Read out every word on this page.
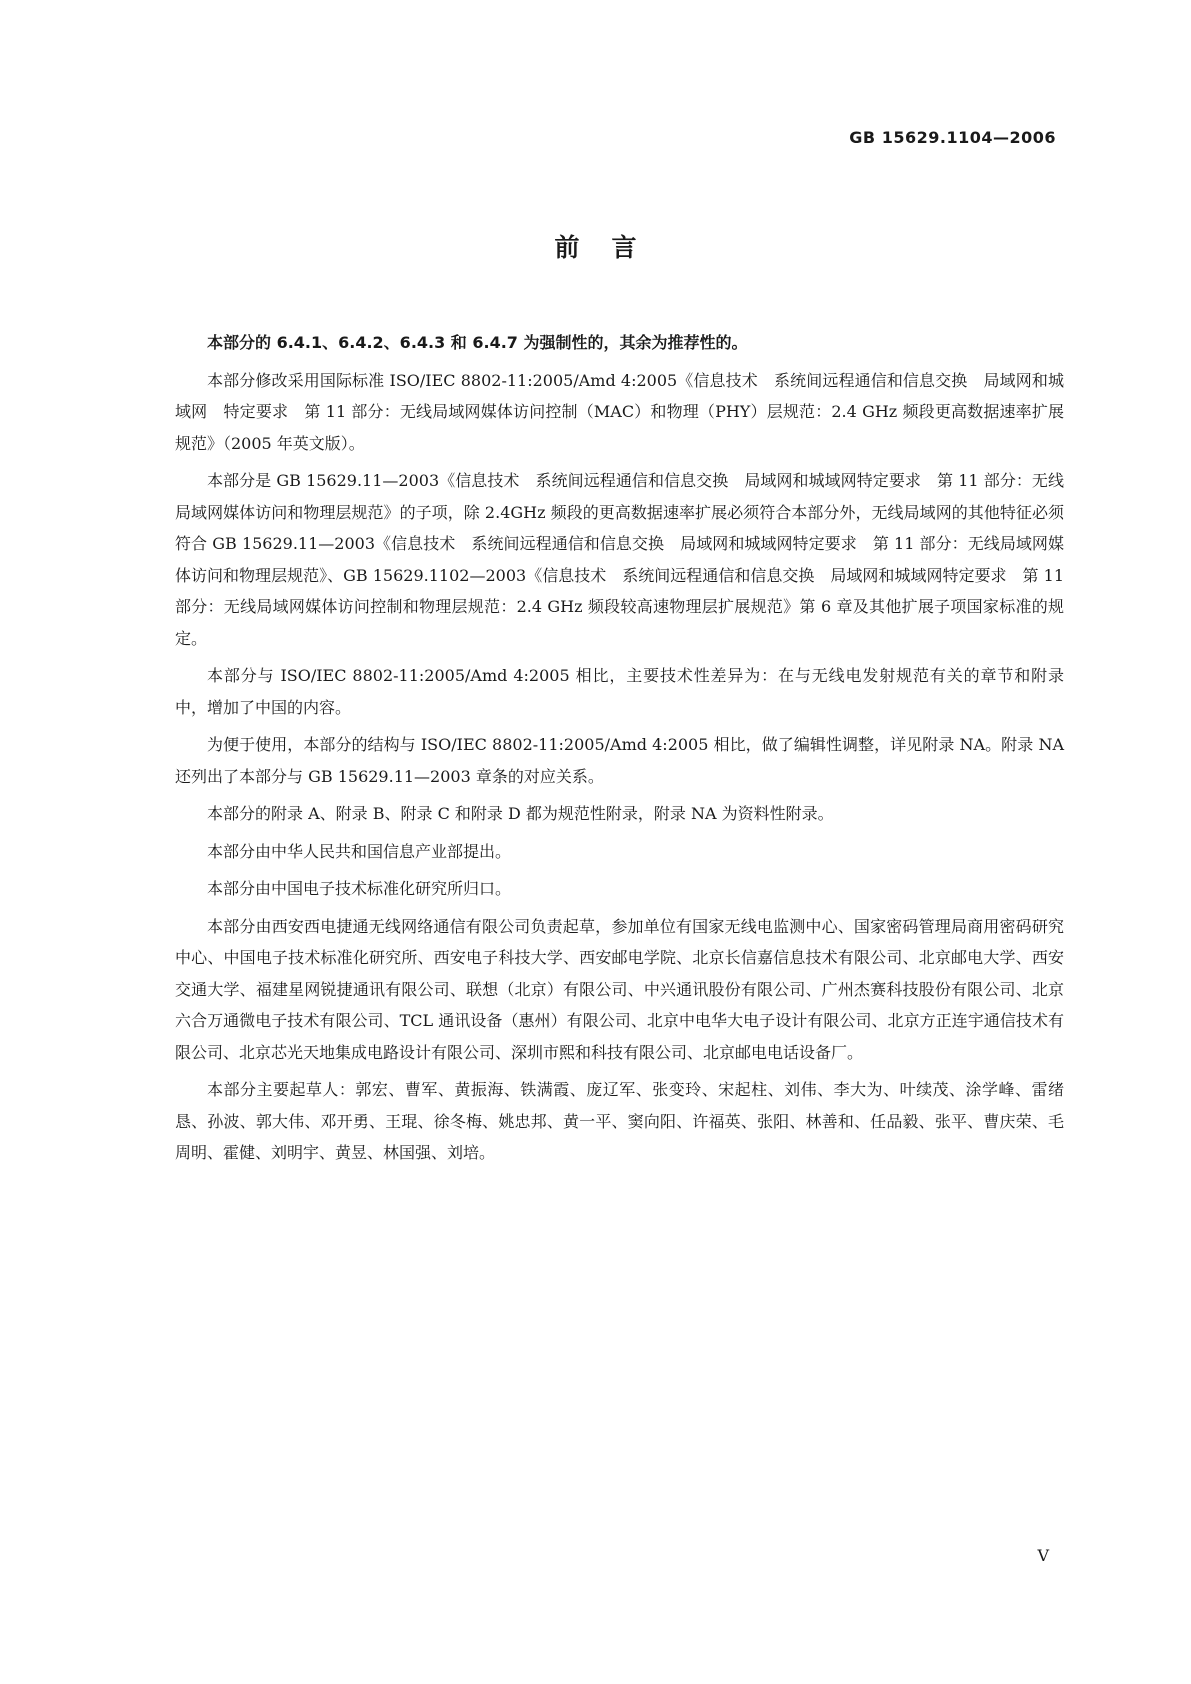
GB 15629.1104—2006

前言

本部分的 6.4.1、6.4.2、6.4.3 和 6.4.7 为强制性的，其余为推荐性的。

本部分修改采用国际标准 ISO/IEC 8802-11:2005/Amd 4:2005《信息技术　系统间远程通信和信息交换　局域网和城域网　特定要求　第 11 部分：无线局域网媒体访问控制（MAC）和物理（PHY）层规范：2.4 GHz 频段更高数据速率扩展规范》（2005 年英文版）。

本部分是 GB 15629.11—2003《信息技术　系统间远程通信和信息交换　局域网和城域网特定要求　第 11 部分：无线局域网媒体访问和物理层规范》的子项，除 2.4GHz 频段的更高数据速率扩展必须符合本部分外，无线局域网的其他特征必须符合 GB 15629.11—2003《信息技术　系统间远程通信和信息交换　局域网和城域网特定要求　第 11 部分：无线局域网媒体访问和物理层规范》、GB 15629.1102—2003《信息技术　系统间远程通信和信息交换　局域网和城域网特定要求　第 11 部分：无线局域网媒体访问控制和物理层规范：2.4 GHz 频段较高速物理层扩展规范》第 6 章及其他扩展子项国家标准的规定。

本部分与 ISO/IEC 8802-11:2005/Amd 4:2005 相比，主要技术性差异为：在与无线电发射规范有关的章节和附录中，增加了中国的内容。

为便于使用，本部分的结构与 ISO/IEC 8802-11:2005/Amd 4:2005 相比，做了编辑性调整，详见附录 NA。附录 NA 还列出了本部分与 GB 15629.11—2003 章条的对应关系。

本部分的附录 A、附录 B、附录 C 和附录 D 都为规范性附录，附录 NA 为资料性附录。

本部分由中华人民共和国信息产业部提出。

本部分由中国电子技术标准化研究所归口。

本部分由西安西电捷通无线网络通信有限公司负责起草，参加单位有国家无线电监测中心、国家密码管理局商用密码研究中心、中国电子技术标准化研究所、西安电子科技大学、西安邮电学院、北京长信嘉信息技术有限公司、北京邮电大学、西安交通大学、福建星网锐捷通讯有限公司、联想（北京）有限公司、中兴通讯股份有限公司、广州杰赛科技股份有限公司、北京六合万通微电子技术有限公司、TCL 通讯设备（惠州）有限公司、北京中电华大电子设计有限公司、北京方正连宇通信技术有限公司、北京芯光天地集成电路设计有限公司、深圳市熙和科技有限公司、北京邮电电话设备厂。

本部分主要起草人：郭宏、曹军、黄振海、铁满霞、庞辽军、张变玲、宋起柱、刘伟、李大为、叶续茂、涂学峰、雷绪恳、孙波、郭大伟、邓开勇、王琨、徐冬梅、姚忠邦、黄一平、窦向阳、许福英、张阳、林善和、任品毅、张平、曹庆荣、毛周明、霍健、刘明宇、黄昱、林国强、刘培。

V
